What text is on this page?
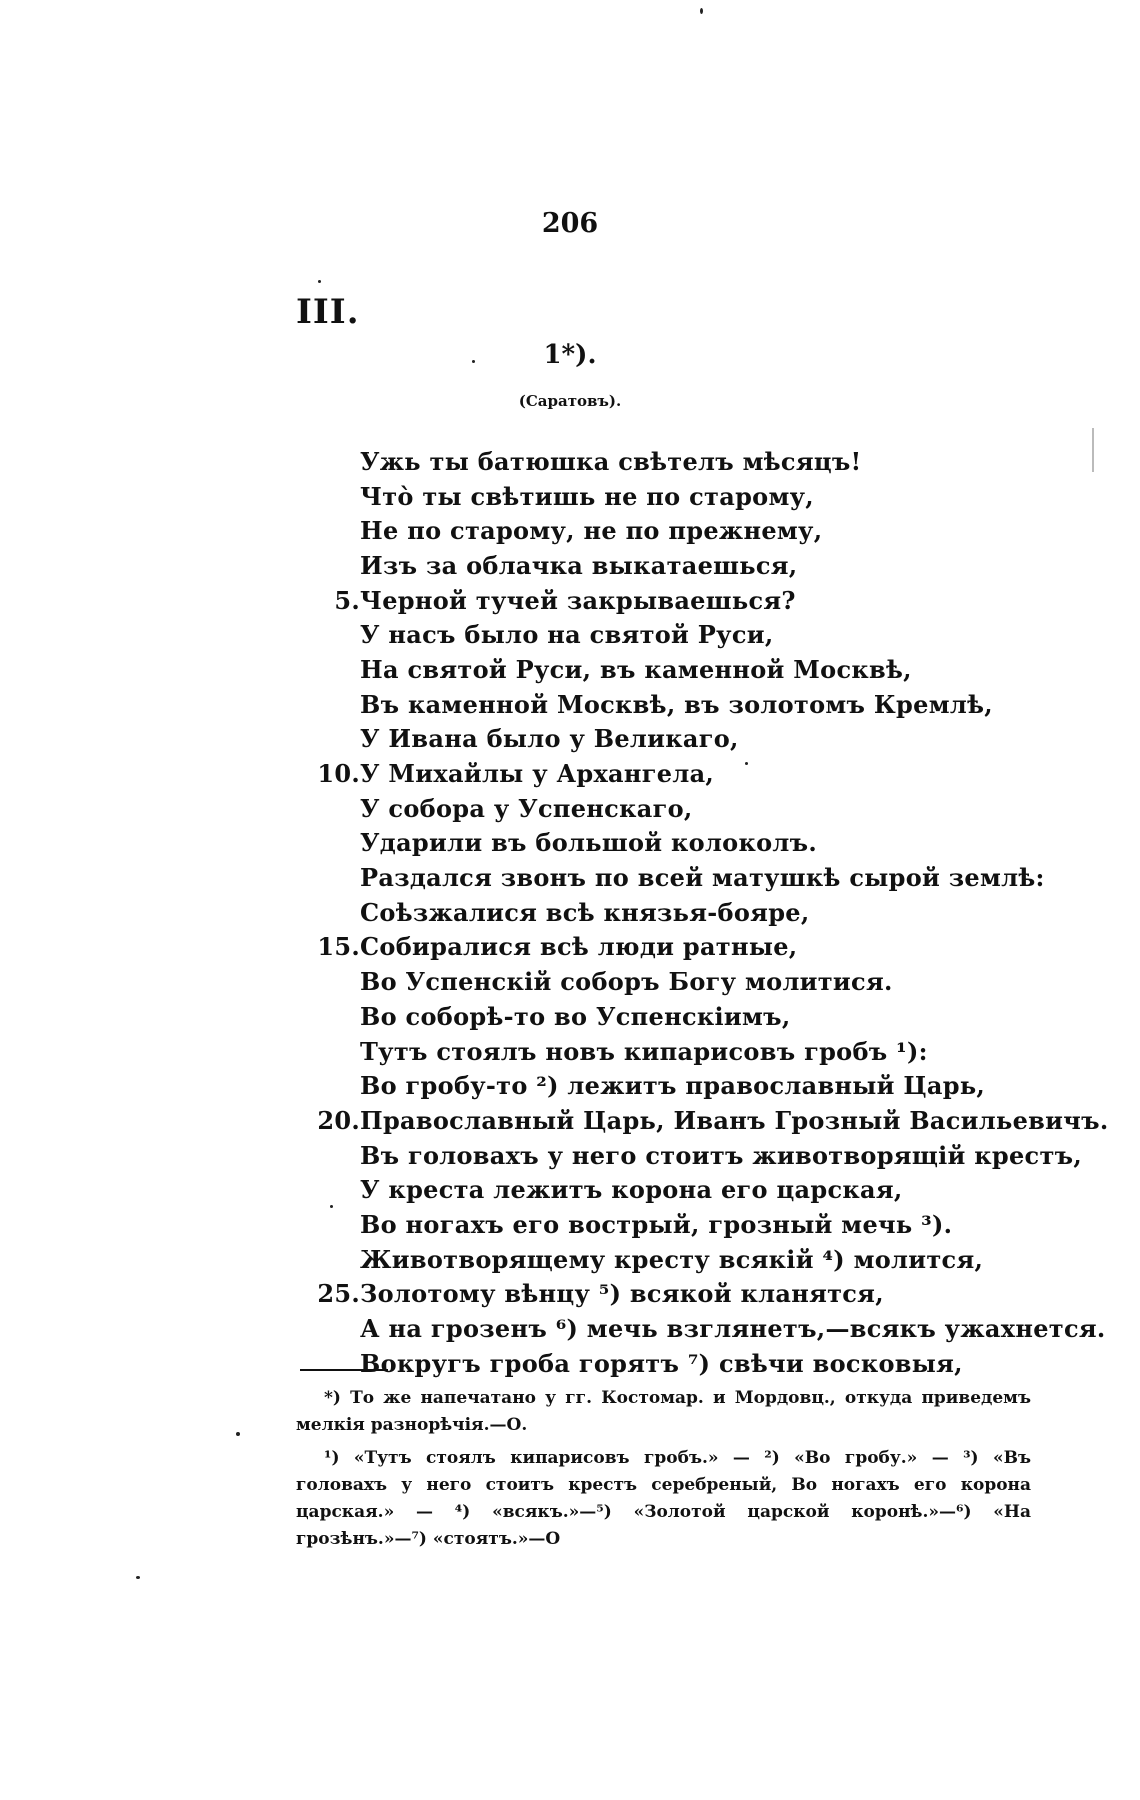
206
III.
1*).
(Саратовъ).
Ужь ты батюшка свѣтелъ мѣсяцъ!
Что̀ ты свѣтишь не по старому,
Не по старому, не по прежнему,
Изъ за облачка выкатаешься,
5. Черной тучей закрываешься?
У насъ было на святой Руси,
На святой Руси, въ каменной Москвѣ,
Въ каменной Москвѣ, въ золотомъ Кремлѣ,
У Ивана было у Великаго,
10. У Михайлы у Архангела,
У собора у Успенскаго,
Ударили въ большой колоколъ.
Раздался звонъ по всей матушкѣ сырой землѣ:
Соѣзжалися всѣ князья-бояре,
15. Собиралися всѣ люди ратные,
Во Успенскій соборъ Богу молитися.
Во соборѣ-то во Успенскіимъ,
Тутъ стоялъ новъ кипарисовъ гробъ ¹):
Во гробу-то ²) лежитъ православный Царь,
20. Православный Царь, Иванъ Грозный Васильевичъ.
Въ головахъ у него стоитъ животворящій крестъ,
У креста лежитъ корона его царская,
Во ногахъ его вострый, грозный мечь ³).
Животворящему кресту всякій ⁴) молится,
25. Золотому вѣнцу ⁵) всякой кланятся,
А на грозенъ ⁶) мечь взглянетъ,—всякъ ужахнется.
Вокругъ гроба горятъ ⁷) свѣчи восковыя,

*) То же напечатано у гг. Костомар. и Мордовц., откуда приведемъ мелкія разнорѣчія.—О.

¹) «Тутъ стоялъ кипарисовъ гробъ.» — ²) «Во гробу.» — ³) «Въ головахъ у него стоитъ крестъ серебреный, Во ногахъ его корона царская.» — ⁴) «всякъ.»—⁵) «Золотой царской коронѣ.»—⁶) «На грозѣнъ.»—⁷) «стоятъ.»—О
